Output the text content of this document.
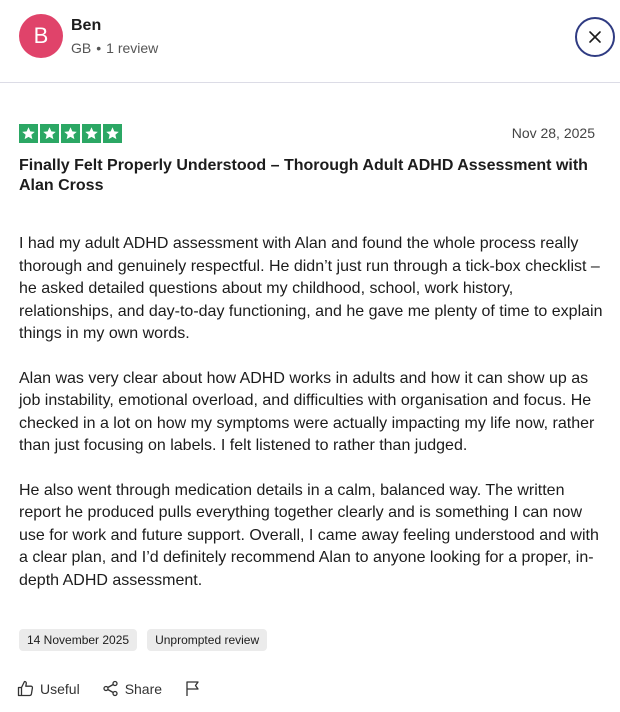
B	Ben
GB • 1 review
Nov 28, 2025
Finally Felt Properly Understood – Thorough Adult ADHD Assessment with Alan Cross

I had my adult ADHD assessment with Alan and found the whole process really thorough and genuinely respectful. He didn’t just run through a tick-box checklist – he asked detailed questions about my childhood, school, work history, relationships, and day-to-day functioning, and he gave me plenty of time to explain things in my own words.

Alan was very clear about how ADHD works in adults and how it can show up as job instability, emotional overload, and difficulties with organisation and focus. He checked in a lot on how my symptoms were actually impacting my life now, rather than just focusing on labels. I felt listened to rather than judged.

He also went through medication details in a calm, balanced way. The written report he produced pulls everything together clearly and is something I can now use for work and future support. Overall, I came away feeling understood and with a clear plan, and I’d definitely recommend Alan to anyone looking for a proper, in-depth ADHD assessment.

14 November 2025	Unprompted review
Useful	Share
